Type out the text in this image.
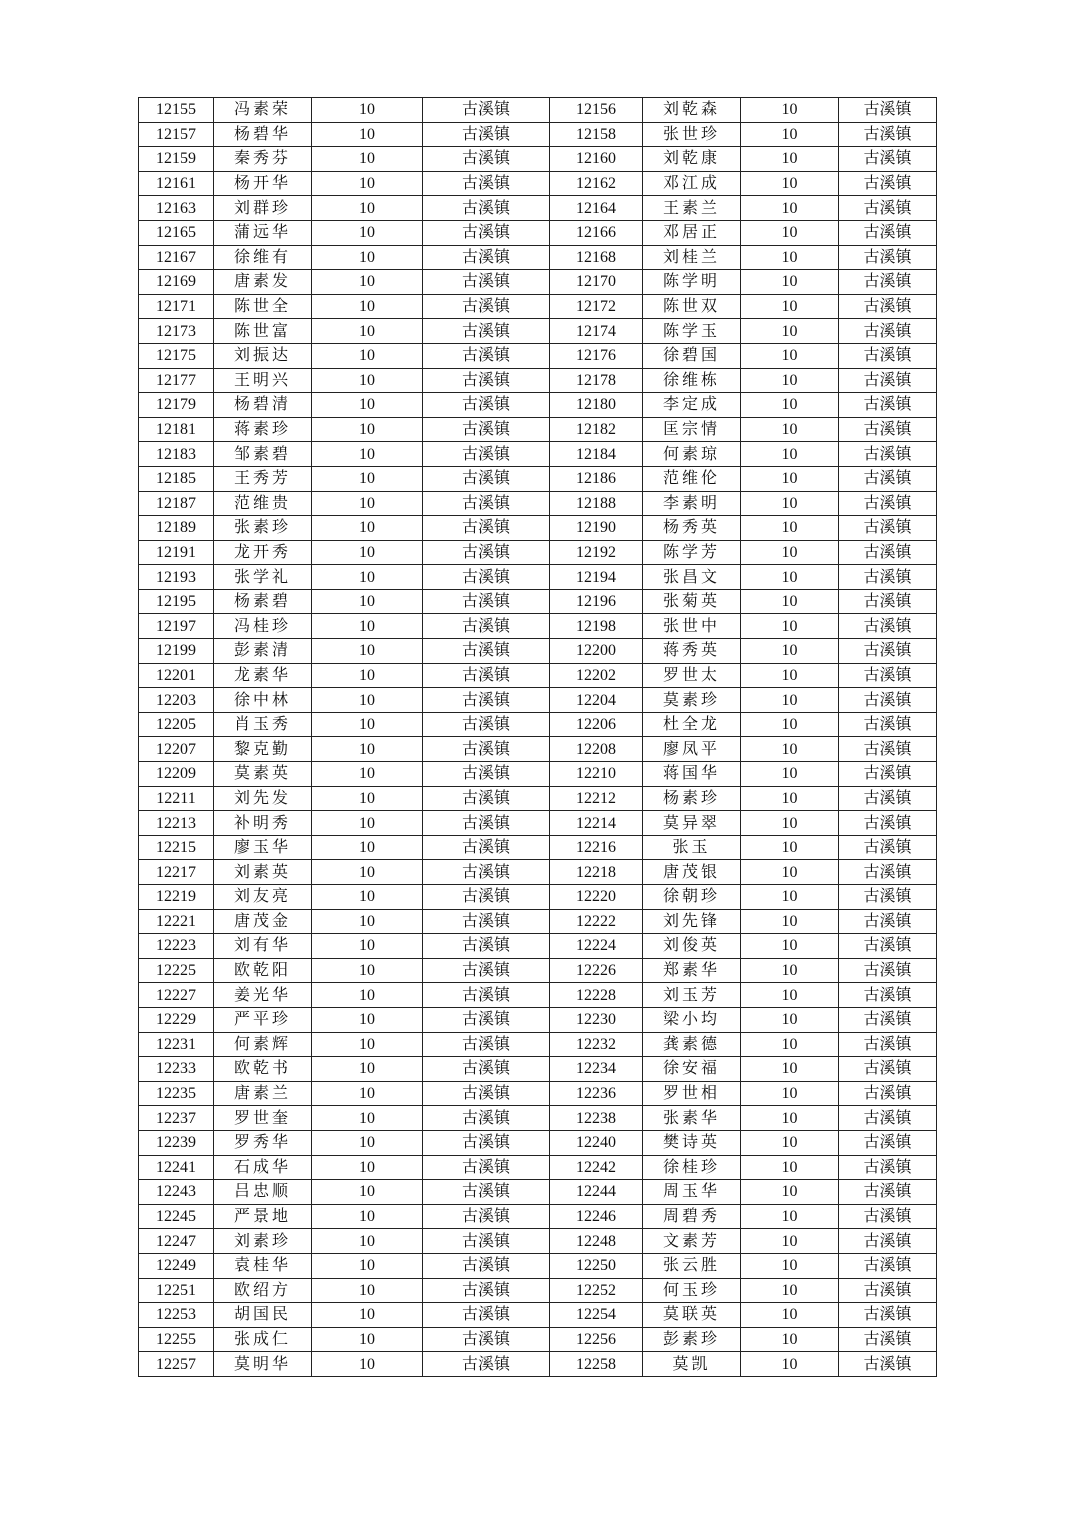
12155	冯素荣	10	古溪镇	12156	刘乾森	10	古溪镇
12157	杨碧华	10	古溪镇	12158	张世珍	10	古溪镇
12159	秦秀芬	10	古溪镇	12160	刘乾康	10	古溪镇
12161	杨开华	10	古溪镇	12162	邓江成	10	古溪镇
12163	刘群珍	10	古溪镇	12164	王素兰	10	古溪镇
12165	蒲远华	10	古溪镇	12166	邓居正	10	古溪镇
12167	徐维有	10	古溪镇	12168	刘桂兰	10	古溪镇
12169	唐素发	10	古溪镇	12170	陈学明	10	古溪镇
12171	陈世全	10	古溪镇	12172	陈世双	10	古溪镇
12173	陈世富	10	古溪镇	12174	陈学玉	10	古溪镇
12175	刘振达	10	古溪镇	12176	徐碧国	10	古溪镇
12177	王明兴	10	古溪镇	12178	徐维栋	10	古溪镇
12179	杨碧清	10	古溪镇	12180	李定成	10	古溪镇
12181	蒋素珍	10	古溪镇	12182	匡宗情	10	古溪镇
12183	邹素碧	10	古溪镇	12184	何素琼	10	古溪镇
12185	王秀芳	10	古溪镇	12186	范维伦	10	古溪镇
12187	范维贵	10	古溪镇	12188	李素明	10	古溪镇
12189	张素珍	10	古溪镇	12190	杨秀英	10	古溪镇
12191	龙开秀	10	古溪镇	12192	陈学芳	10	古溪镇
12193	张学礼	10	古溪镇	12194	张昌文	10	古溪镇
12195	杨素碧	10	古溪镇	12196	张菊英	10	古溪镇
12197	冯桂珍	10	古溪镇	12198	张世中	10	古溪镇
12199	彭素清	10	古溪镇	12200	蒋秀英	10	古溪镇
12201	龙素华	10	古溪镇	12202	罗世太	10	古溪镇
12203	徐中林	10	古溪镇	12204	莫素珍	10	古溪镇
12205	肖玉秀	10	古溪镇	12206	杜全龙	10	古溪镇
12207	黎克勤	10	古溪镇	12208	廖凤平	10	古溪镇
12209	莫素英	10	古溪镇	12210	蒋国华	10	古溪镇
12211	刘先发	10	古溪镇	12212	杨素珍	10	古溪镇
12213	补明秀	10	古溪镇	12214	莫异翠	10	古溪镇
12215	廖玉华	10	古溪镇	12216	张玉	10	古溪镇
12217	刘素英	10	古溪镇	12218	唐茂银	10	古溪镇
12219	刘友亮	10	古溪镇	12220	徐朝珍	10	古溪镇
12221	唐茂金	10	古溪镇	12222	刘先锋	10	古溪镇
12223	刘有华	10	古溪镇	12224	刘俊英	10	古溪镇
12225	欧乾阳	10	古溪镇	12226	郑素华	10	古溪镇
12227	姜光华	10	古溪镇	12228	刘玉芳	10	古溪镇
12229	严平珍	10	古溪镇	12230	梁小均	10	古溪镇
12231	何素辉	10	古溪镇	12232	龚素德	10	古溪镇
12233	欧乾书	10	古溪镇	12234	徐安福	10	古溪镇
12235	唐素兰	10	古溪镇	12236	罗世相	10	古溪镇
12237	罗世奎	10	古溪镇	12238	张素华	10	古溪镇
12239	罗秀华	10	古溪镇	12240	樊诗英	10	古溪镇
12241	石成华	10	古溪镇	12242	徐桂珍	10	古溪镇
12243	吕忠顺	10	古溪镇	12244	周玉华	10	古溪镇
12245	严景地	10	古溪镇	12246	周碧秀	10	古溪镇
12247	刘素珍	10	古溪镇	12248	文素芳	10	古溪镇
12249	袁桂华	10	古溪镇	12250	张云胜	10	古溪镇
12251	欧绍方	10	古溪镇	12252	何玉珍	10	古溪镇
12253	胡国民	10	古溪镇	12254	莫联英	10	古溪镇
12255	张成仁	10	古溪镇	12256	彭素珍	10	古溪镇
12257	莫明华	10	古溪镇	12258	莫凯	10	古溪镇
